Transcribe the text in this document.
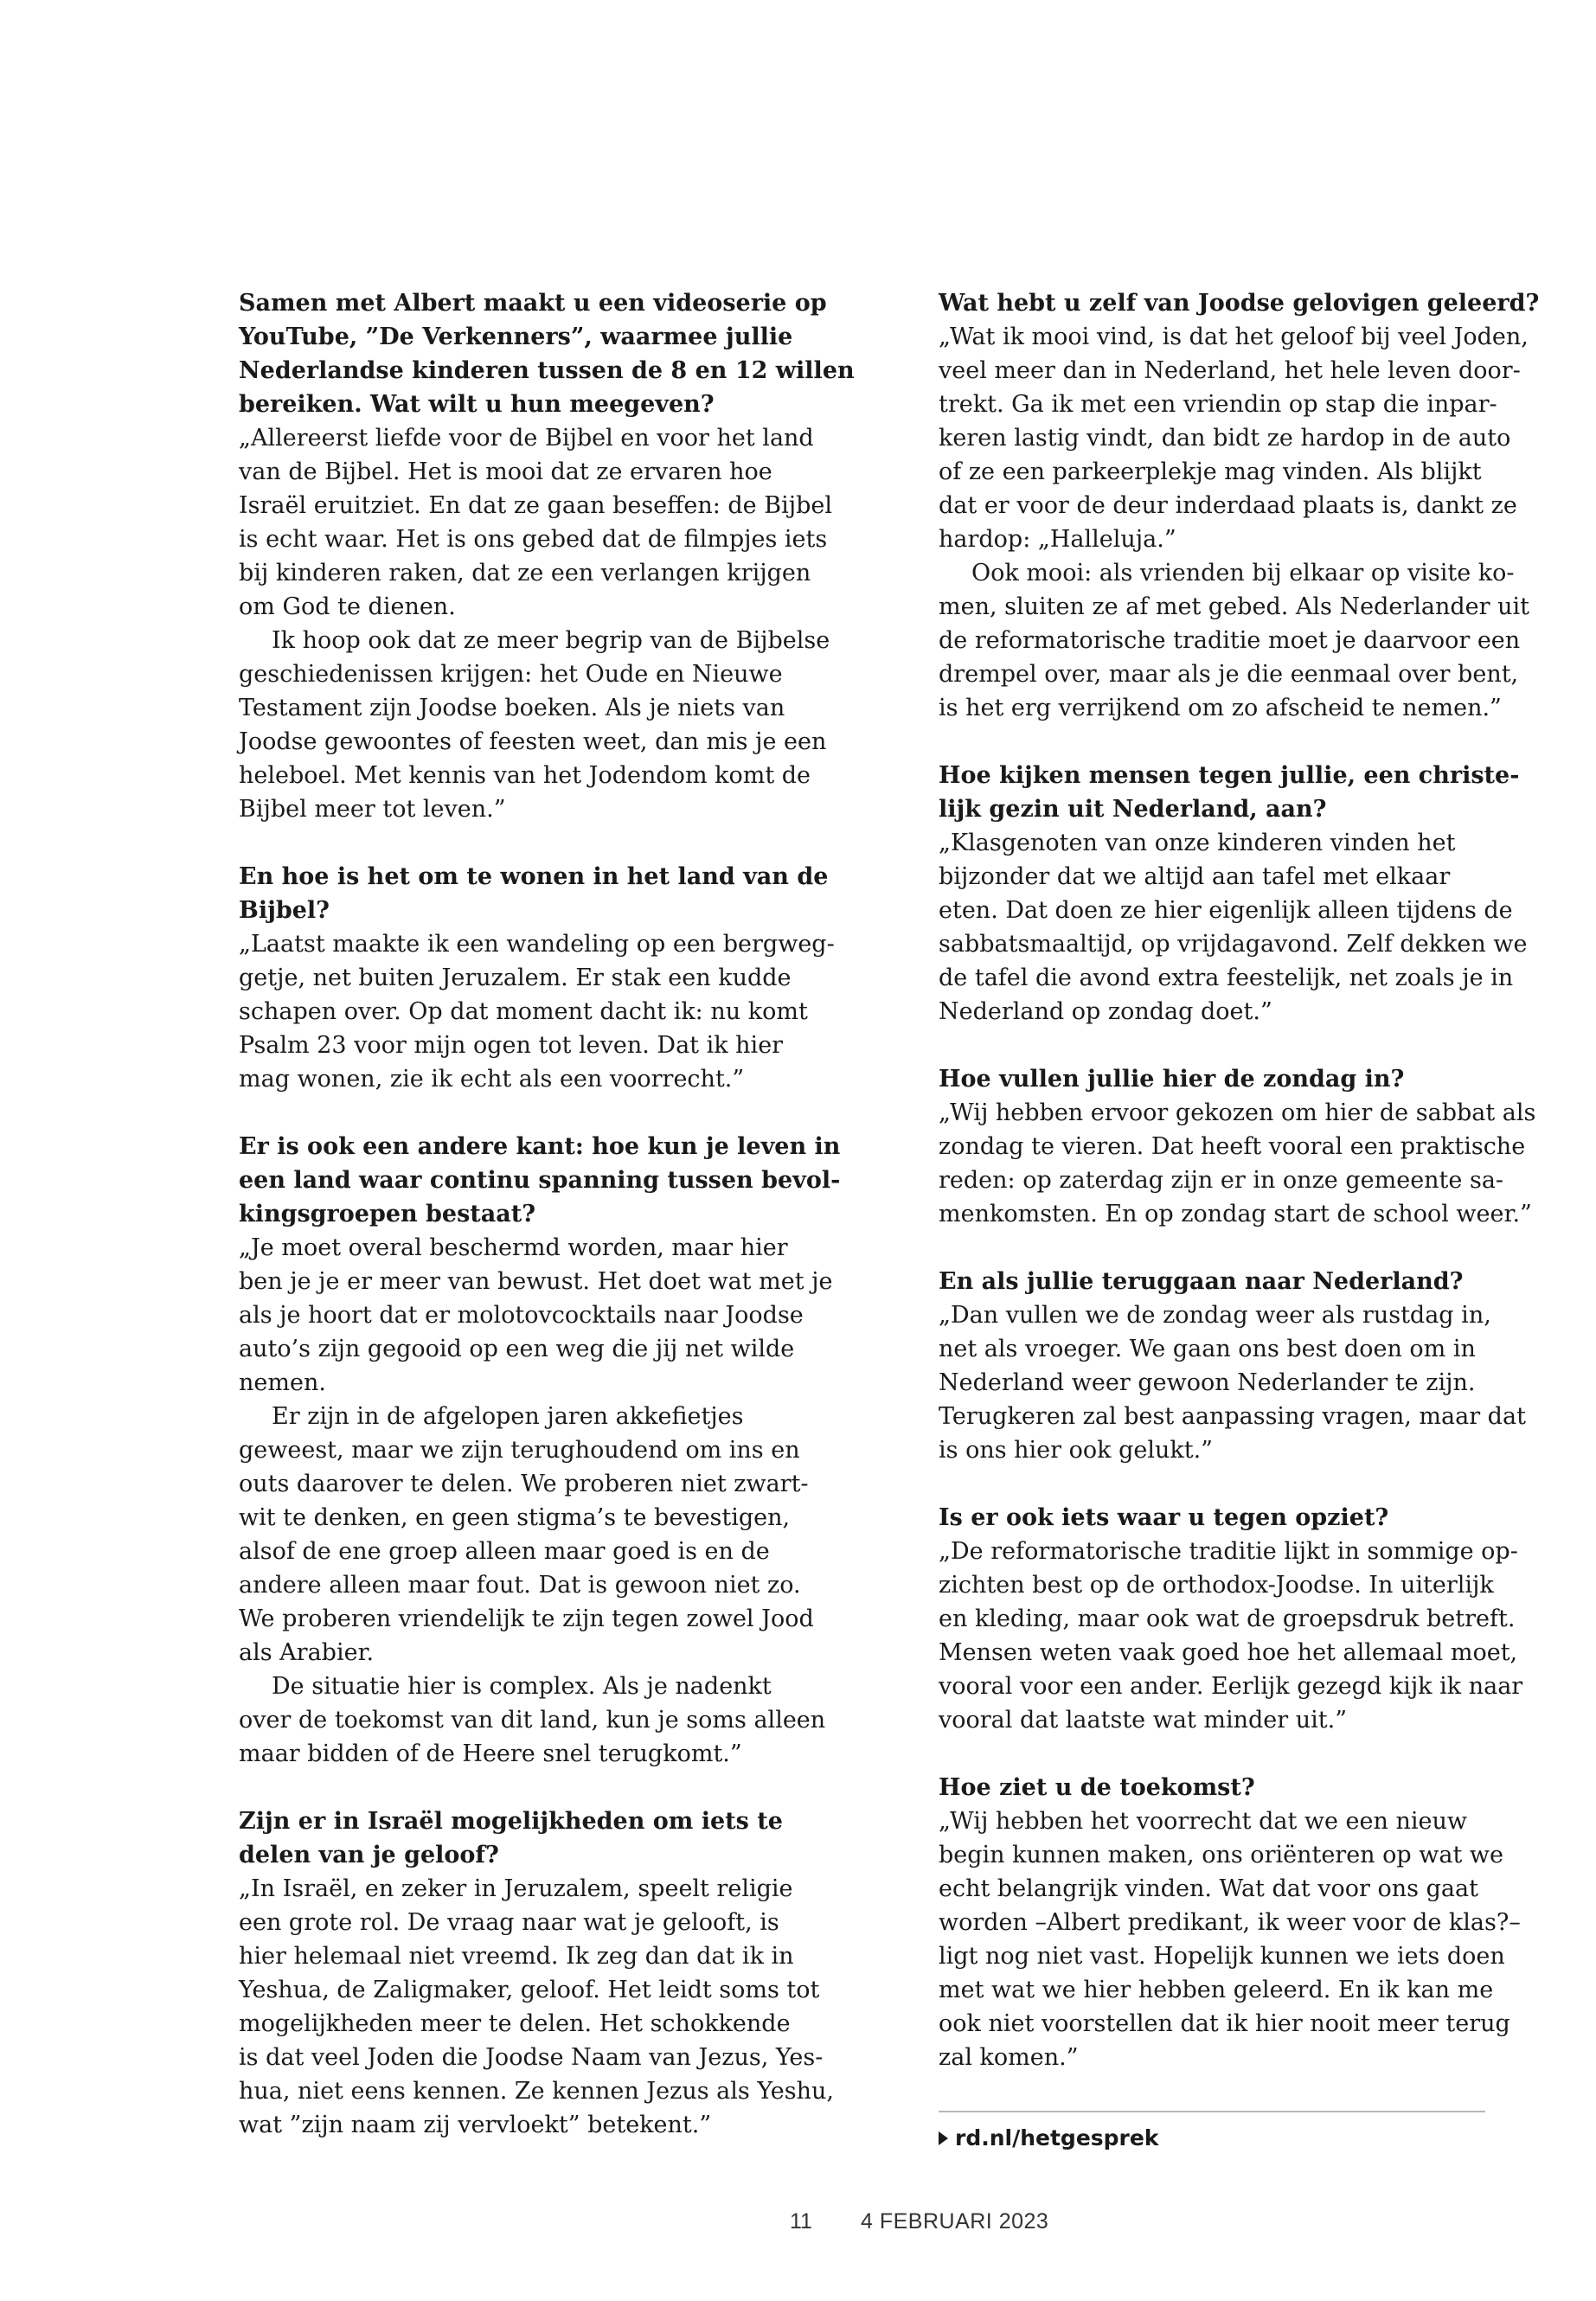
Samen met Albert maakt u een videoserie op
YouTube, ”De Verkenners”, waarmee jullie
Nederlandse kinderen tussen de 8 en 12 willen
bereiken. Wat wilt u hun meegeven?
„Allereerst liefde voor de Bijbel en voor het land
van de Bijbel. Het is mooi dat ze ervaren hoe
Israël eruitziet. En dat ze gaan beseffen: de Bijbel
is echt waar. Het is ons gebed dat de filmpjes iets
bij kinderen raken, dat ze een verlangen krijgen
om God te dienen.
Ik hoop ook dat ze meer begrip van de Bijbelse
geschiedenissen krijgen: het Oude en Nieuwe
Testament zijn Joodse boeken. Als je niets van
Joodse gewoontes of feesten weet, dan mis je een
heleboel. Met kennis van het Jodendom komt de
Bijbel meer tot leven.”
En hoe is het om te wonen in het land van de
Bijbel?
„Laatst maakte ik een wandeling op een bergweg-
getje, net buiten Jeruzalem. Er stak een kudde
schapen over. Op dat moment dacht ik: nu komt
Psalm 23 voor mijn ogen tot leven. Dat ik hier
mag wonen, zie ik echt als een voorrecht.”
Er is ook een andere kant: hoe kun je leven in
een land waar continu spanning tussen bevol-
kingsgroepen bestaat?
„Je moet overal beschermd worden, maar hier
ben je je er meer van bewust. Het doet wat met je
als je hoort dat er molotovcocktails naar Joodse
auto’s zijn gegooid op een weg die jij net wilde
nemen.
Er zijn in de afgelopen jaren akkefietjes
geweest, maar we zijn terughoudend om ins en
outs daarover te delen. We proberen niet zwart-
wit te denken, en geen stigma’s te bevestigen,
alsof de ene groep alleen maar goed is en de
andere alleen maar fout. Dat is gewoon niet zo.
We proberen vriendelijk te zijn tegen zowel Jood
als Arabier.
De situatie hier is complex. Als je nadenkt
over de toekomst van dit land, kun je soms alleen
maar bidden of de Heere snel terugkomt.”
Zijn er in Israël mogelijkheden om iets te
delen van je geloof?
„In Israël, en zeker in Jeruzalem, speelt religie
een grote rol. De vraag naar wat je gelooft, is
hier helemaal niet vreemd. Ik zeg dan dat ik in
Yeshua, de Zaligmaker, geloof. Het leidt soms tot
mogelijkheden meer te delen. Het schokkende
is dat veel Joden die Joodse Naam van Jezus, Yes-
hua, niet eens kennen. Ze kennen Jezus als Yeshu,
wat ”zijn naam zij vervloekt” betekent.”
Wat hebt u zelf van Joodse gelovigen geleerd?
„Wat ik mooi vind, is dat het geloof bij veel Joden,
veel meer dan in Nederland, het hele leven door-
trekt. Ga ik met een vriendin op stap die inpar-
keren lastig vindt, dan bidt ze hardop in de auto
of ze een parkeerplekje mag vinden. Als blijkt
dat er voor de deur inderdaad plaats is, dankt ze
hardop: „Halleluja.”
Ook mooi: als vrienden bij elkaar op visite ko-
men, sluiten ze af met gebed. Als Nederlander uit
de reformatorische traditie moet je daarvoor een
drempel over, maar als je die eenmaal over bent,
is het erg verrijkend om zo afscheid te nemen.”
Hoe kijken mensen tegen jullie, een christe-
lijk gezin uit Nederland, aan?
„Klasgenoten van onze kinderen vinden het
bijzonder dat we altijd aan tafel met elkaar
eten. Dat doen ze hier eigenlijk alleen tijdens de
sabbatsmaaltijd, op vrijdagavond. Zelf dekken we
de tafel die avond extra feestelijk, net zoals je in
Nederland op zondag doet.”
Hoe vullen jullie hier de zondag in?
„Wij hebben ervoor gekozen om hier de sabbat als
zondag te vieren. Dat heeft vooral een praktische
reden: op zaterdag zijn er in onze gemeente sa-
menkomsten. En op zondag start de school weer.”
En als jullie teruggaan naar Nederland?
„Dan vullen we de zondag weer als rustdag in,
net als vroeger. We gaan ons best doen om in
Nederland weer gewoon Nederlander te zijn.
Terugkeren zal best aanpassing vragen, maar dat
is ons hier ook gelukt.”
Is er ook iets waar u tegen opziet?
„De reformatorische traditie lijkt in sommige op-
zichten best op de orthodox-Joodse. In uiterlijk
en kleding, maar ook wat de groepsdruk betreft.
Mensen weten vaak goed hoe het allemaal moet,
vooral voor een ander. Eerlijk gezegd kijk ik naar
vooral dat laatste wat minder uit.”
Hoe ziet u de toekomst?
„Wij hebben het voorrecht dat we een nieuw
begin kunnen maken, ons oriënteren op wat we
echt belangrijk vinden. Wat dat voor ons gaat
worden –Albert predikant, ik weer voor de klas?–
ligt nog niet vast. Hopelijk kunnen we iets doen
met wat we hier hebben geleerd. En ik kan me
ook niet voorstellen dat ik hier nooit meer terug
zal komen.”
rd.nl/hetgesprek
11 4 FEBRUARI 2023
